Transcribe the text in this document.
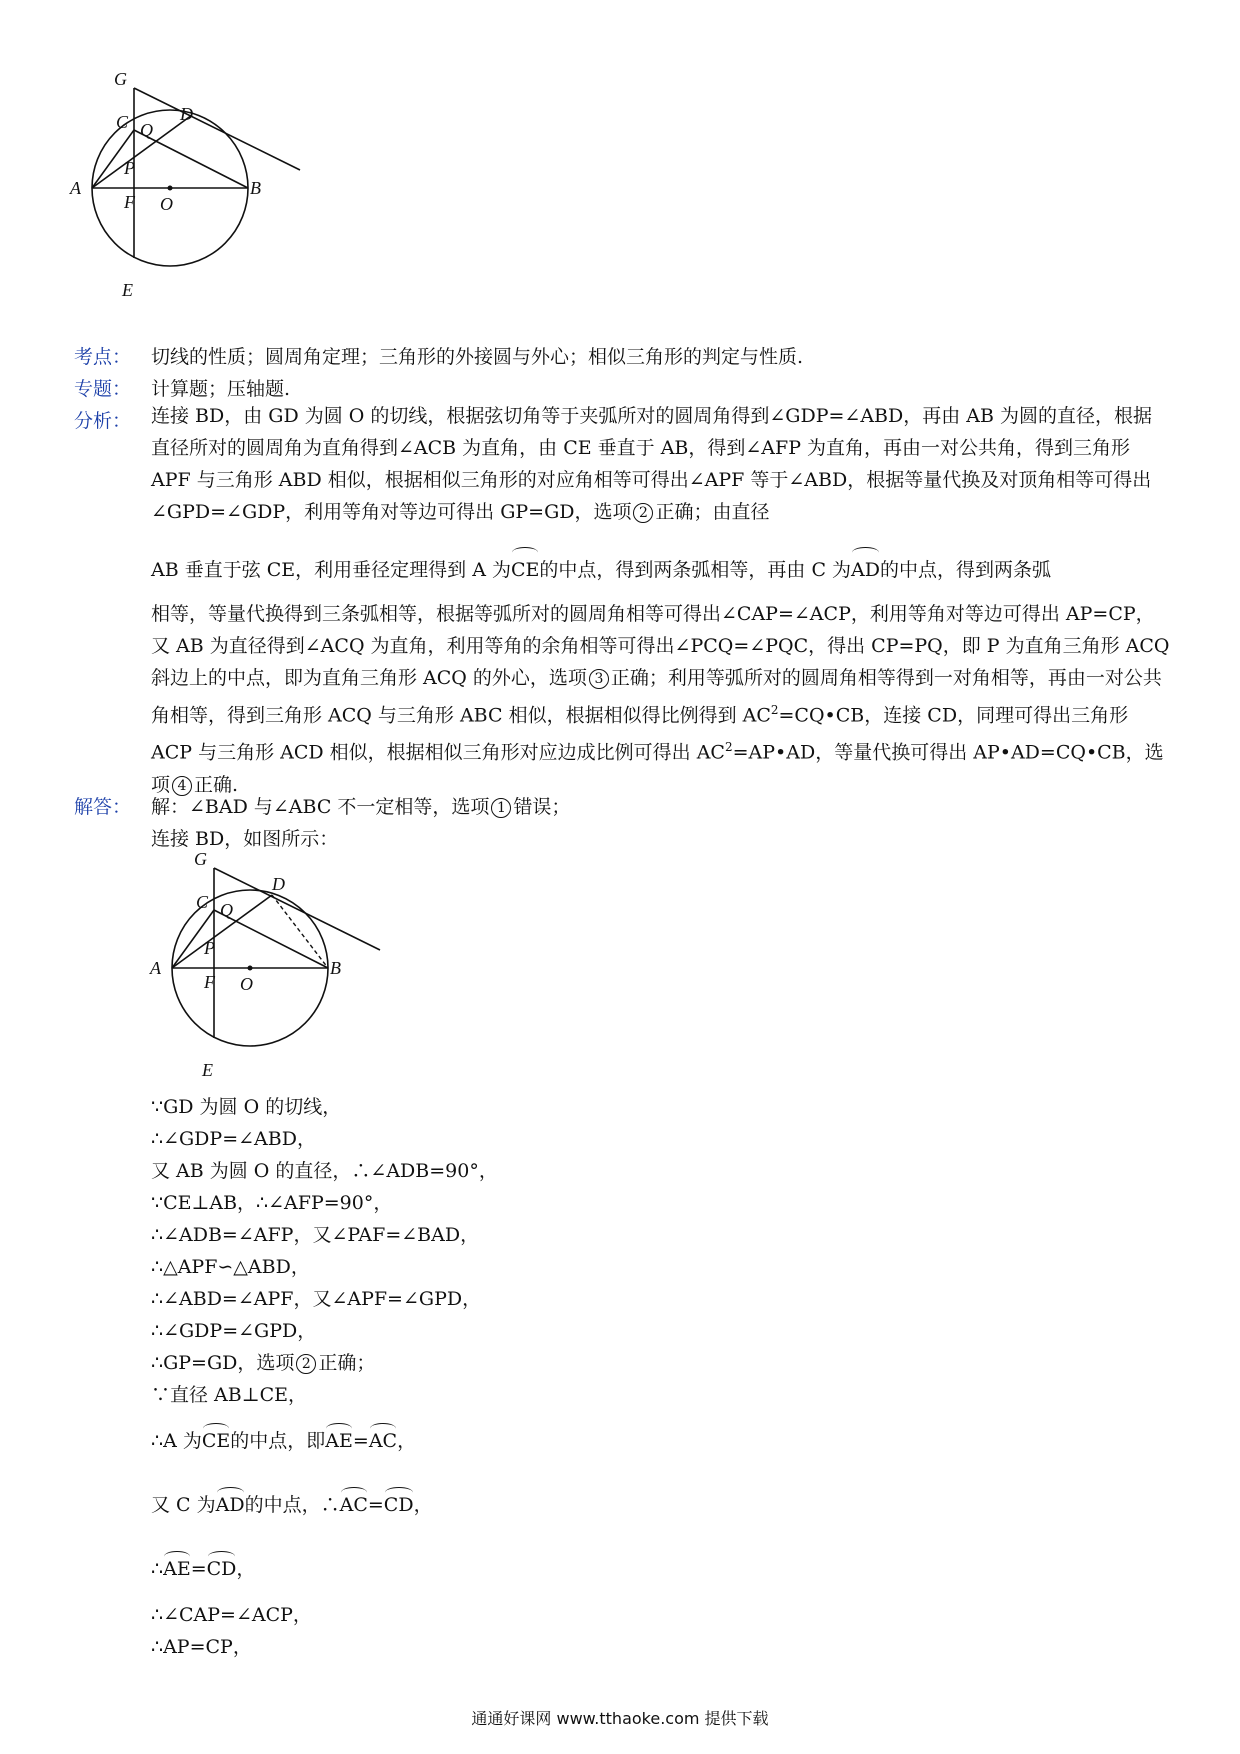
G
D
C Q
P
A	B
F O
E
考点： 切线的性质；圆周角定理；三角形的外接圆与外心；相似三角形的判定与性质.
专题： 计算题；压轴题.
分析： 连接 BD，由 GD 为圆 O 的切线，根据弦切角等于夹弧所对的圆周角得到∠GDP=∠ABD，再由 AB 为圆的直径，根据直径所对的圆周角为直角得到∠ACB 为直角，由 CE 垂直于 AB，得到∠AFP 为直角，再由一对公共角，得到三角形 APF 与三角形 ABD 相似，根据相似三角形的对应角相等可得出∠APF 等于∠ABD，根据等量代换及对顶角相等可得出∠GPD=∠GDP，利用等角对等边可得出 GP=GD，选项 2 正确；由直径
AB 垂直于弦 CE，利用垂径定理得到 A 为CE的中点，得到两条弧相等，再由 C 为AD的中点，得到两条弧
相等，等量代换得到三条弧相等，根据等弧所对的圆周角相等可得出∠CAP=∠ACP，利用等角对等边可得出 AP=CP，又 AB 为直径得到∠ACQ 为直角，利用等角的余角相等可得出∠PCQ=∠PQC，得出 CP=PQ，即 P 为直角三角形 ACQ 斜边上的中点，即为直角三角形 ACQ 的外心，选项 3 正确；利用等弧所对的圆周角相等得到一对角相等，再由一对公共角相等，得到三角形 ACQ 与三角形 ABC 相似，根据相似得比例得到 $AC^2=CQ•CB$，连接 CD，同理可得出三角形 ACP 与三角形 ACD 相似，根据相似三角形对应边成比例可得出 $AC^2=AP•AD$，等量代换可得出 AP•AD=CQ•CB，选项 4 正确.
解答： 解：∠BAD 与∠ABC 不一定相等，选项 1 错误；
连接 BD，如图所示：
G
D
C Q
P
A	B
F O
E
∵GD 为圆 O 的切线，
∴∠GDP=∠ABD，
又 AB 为圆 O 的直径，∴∠ADB=90°，
∵CE⊥AB，∴∠AFP=90°，
∴∠ADB=∠AFP，又∠PAF=∠BAD，
∴△APF∽△ABD，
∴∠ABD=∠APF，又∠APF=∠GPD，
∴∠GDP=∠GPD，
∴GP=GD，选项 2 正确；
∵直径 AB⊥CE，
∴A 为CE的中点，即AE=AC，
又 C 为AD的中点，∴AC=CD，
∴AE=CD，
∴∠CAP=∠ACP，
∴AP=CP，
通通好课网 www.tthaoke.com 提供下载
